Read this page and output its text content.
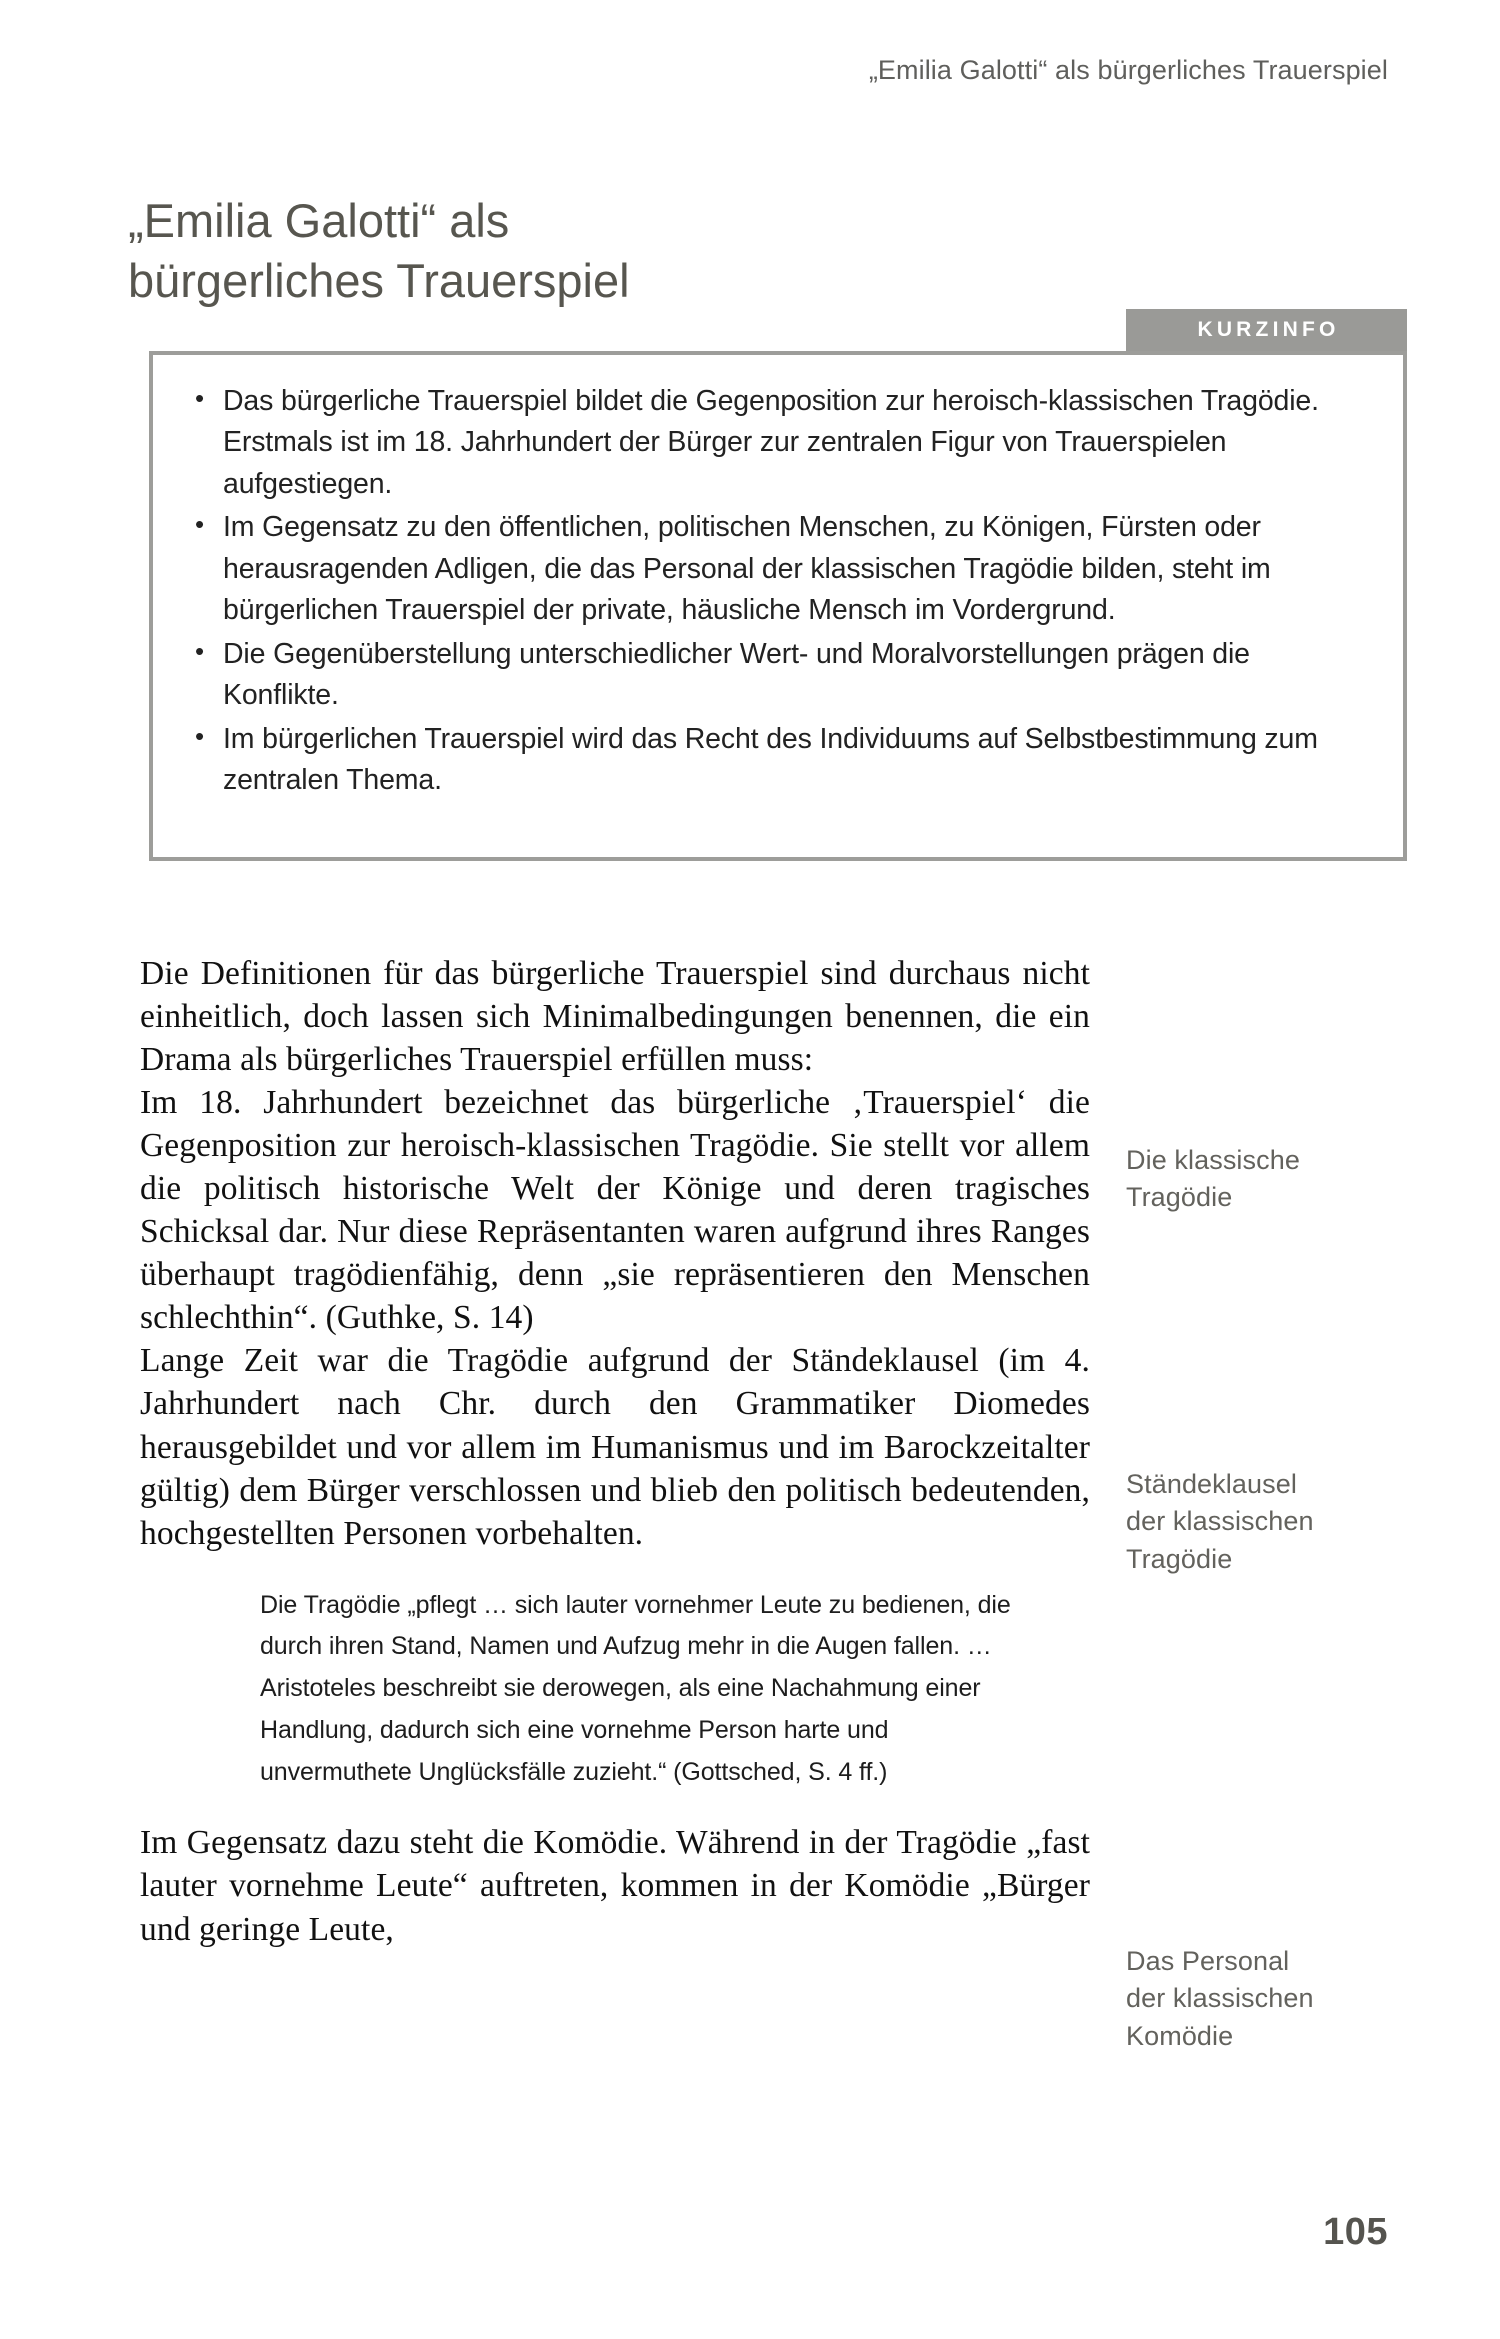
„Emilia Galotti“ als bürgerliches Trauerspiel
„Emilia Galotti“ als
bürgerliches Trauerspiel
KURZINFO
• Das bürgerliche Trauerspiel bildet die Gegenposition zur heroisch-klassischen Tragödie. Erstmals ist im 18. Jahrhundert der Bürger zur zentralen Figur von Trauerspielen aufgestiegen.
• Im Gegensatz zu den öffentlichen, politischen Menschen, zu Königen, Fürsten oder herausragenden Adligen, die das Personal der klassischen Tragödie bilden, steht im bürgerlichen Trauerspiel der private, häusliche Mensch im Vordergrund.
• Die Gegenüberstellung unterschiedlicher Wert- und Moralvorstellungen prägen die Konflikte.
• Im bürgerlichen Trauerspiel wird das Recht des Individuums auf Selbstbestimmung zum zentralen Thema.

Die Definitionen für das bürgerliche Trauerspiel sind durchaus nicht einheitlich, doch lassen sich Minimalbedingungen benennen, die ein Drama als bürgerliches Trauerspiel erfüllen muss:

Im 18. Jahrhundert bezeichnet das bürgerliche ‚Trauerspiel‘ die Gegenposition zur heroisch-klassischen Tragödie. Sie stellt vor allem die politisch historische Welt der Könige und deren tragisches Schicksal dar. Nur diese Repräsentanten waren aufgrund ihres Ranges überhaupt tragödienfähig, denn „sie repräsentieren den Menschen schlechthin“. (Guthke, S. 14)

Lange Zeit war die Tragödie aufgrund der Ständeklausel (im 4. Jahrhundert nach Chr. durch den Grammatiker Diomedes herausgebildet und vor allem im Humanismus und im Barockzeitalter gültig) dem Bürger verschlossen und blieb den politisch bedeutenden, hochgestellten Personen vorbehalten.

Die Tragödie „pflegt … sich lauter vornehmer Leute zu bedienen, die durch ihren Stand, Namen und Aufzug mehr in die Augen fallen. … Aristoteles beschreibt sie derowegen, als eine Nachahmung einer Handlung, dadurch sich eine vornehme Person harte und unvermuthete Unglücksfälle zuzieht.“ (Gottsched, S. 4 ff.)

Im Gegensatz dazu steht die Komödie. Während in der Tragödie „fast lauter vornehme Leute“ auftreten, kommen in der Komödie „Bürger und geringe Leute,

Die klassische
Tragödie
Ständeklausel
der klassischen
Tragödie
Das Personal
der klassischen
Komödie
105
